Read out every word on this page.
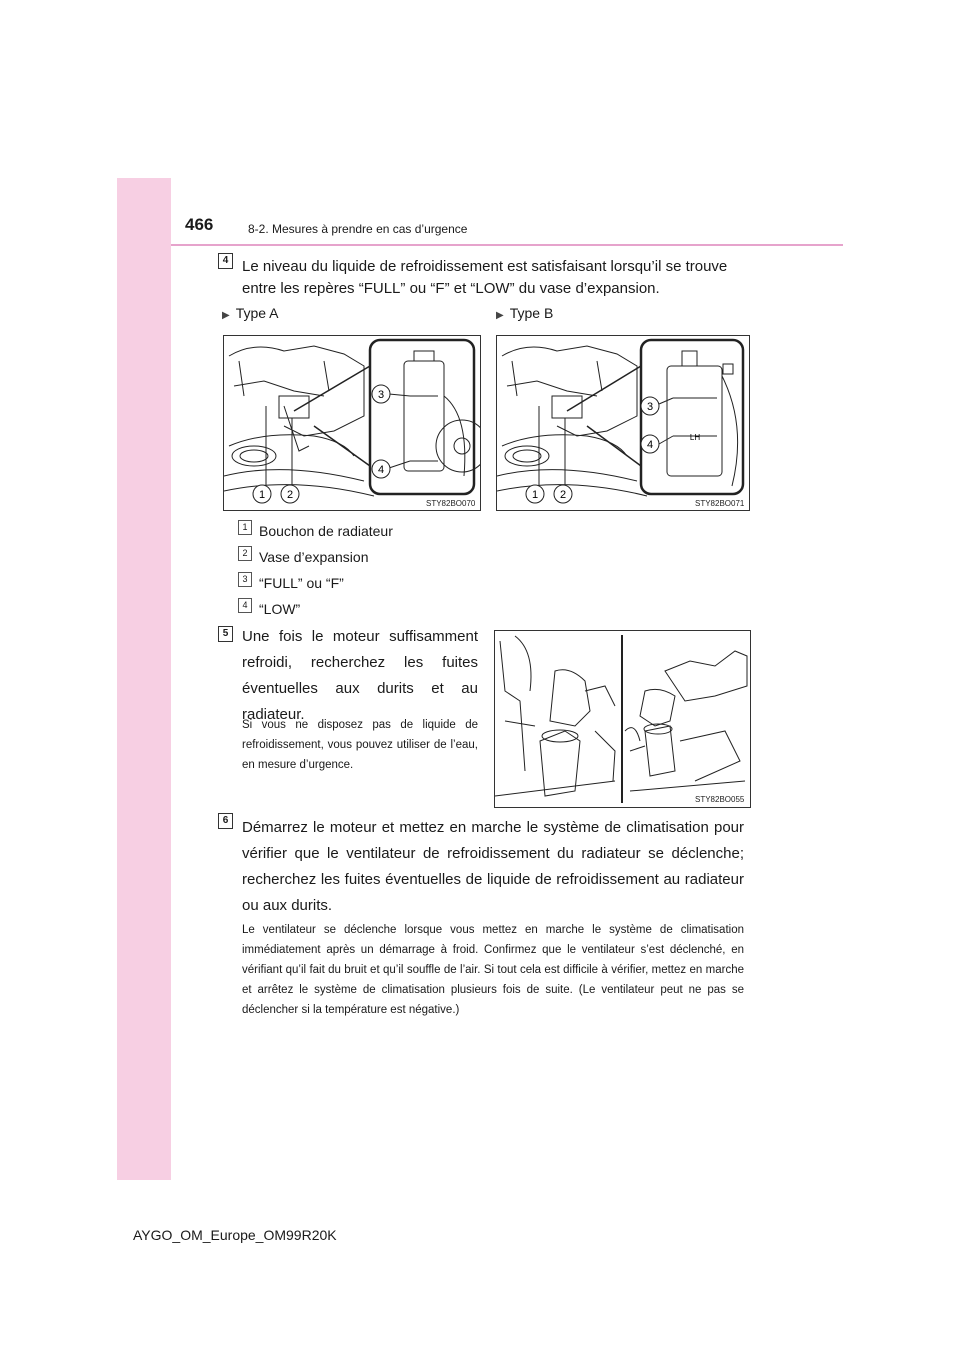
466	8-2. Mesures à prendre en cas d’urgence
4 Le niveau du liquide de refroidissement est satisfaisant lorsqu’il se trouve
entre les repères “FULL” ou “F” et “LOW” du vase d’expansion.
▶ Type A	▶ Type B
3
4
1 2
STY82BO070
LH
3
4
1 2
STY82BO071
1 Bouchon de radiateur
2 Vase d’expansion
3 “FULL” ou “F”
4 “LOW”
5 Une fois le moteur suffisamment refroidi, recherchez les fuites éventuelles aux durits et au radiateur.
Si vous ne disposez pas de liquide de refroidissement, vous pouvez utiliser de l’eau, en mesure d’urgence.
STY82BO055
6 Démarrez le moteur et mettez en marche le système de climatisation pour vérifier que le ventilateur de refroidissement du radiateur se déclenche; recherchez les fuites éventuelles de liquide de refroidissement au radiateur ou aux durits.
Le ventilateur se déclenche lorsque vous mettez en marche le système de climatisation immédiatement après un démarrage à froid. Confirmez que le ventilateur s’est déclenché, en vérifiant qu’il fait du bruit et qu’il souffle de l’air. Si tout cela est difficile à vérifier, mettez en marche et arrêtez le système de climatisation plusieurs fois de suite. (Le ventilateur peut ne pas se déclencher si la température est négative.)
AYGO_OM_Europe_OM99R20K
